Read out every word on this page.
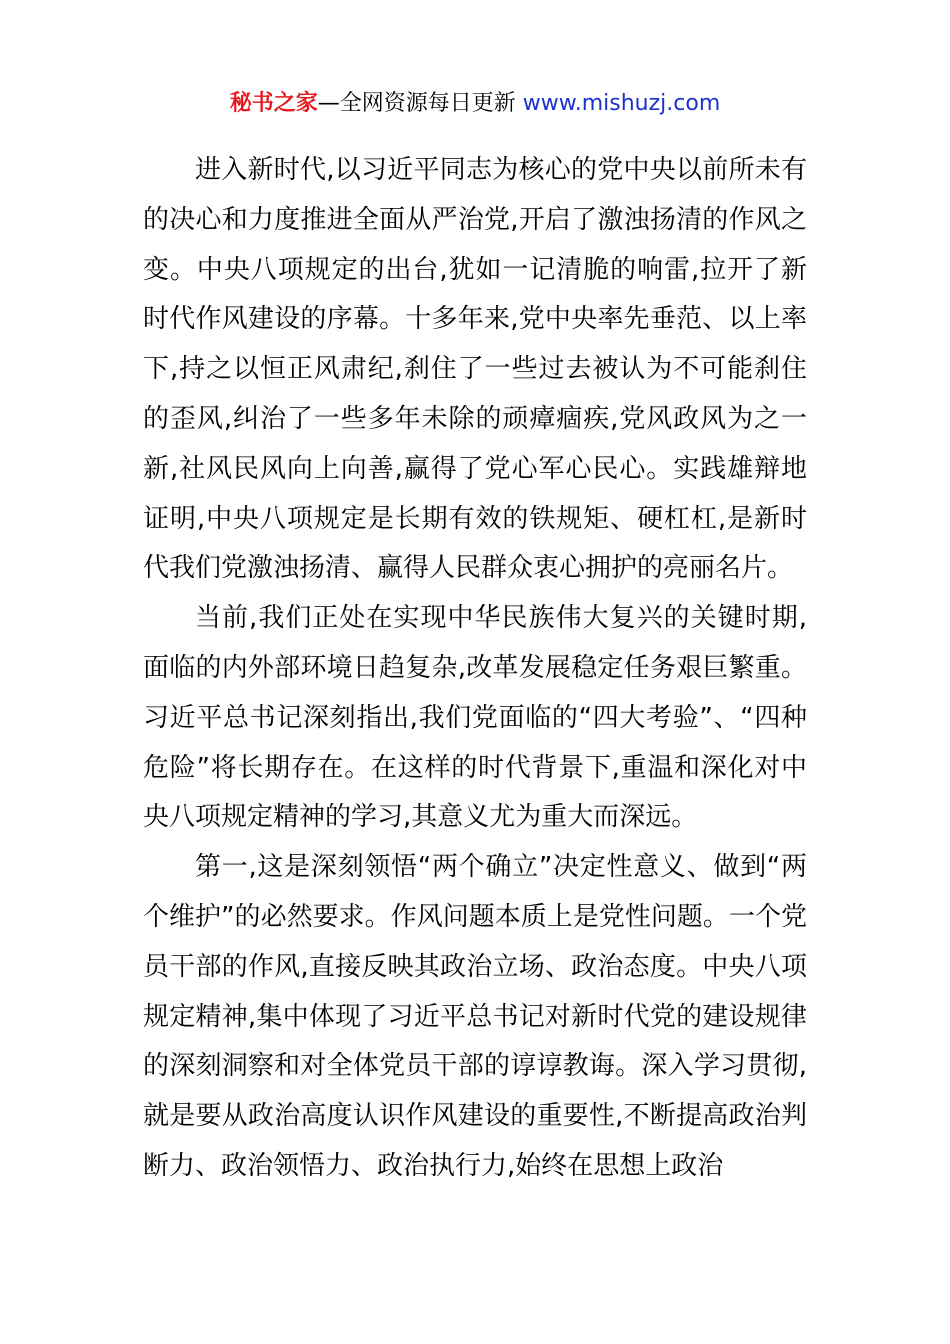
秘书之家—全网资源每日更新 www.mishuzj.com

进入新时代,以习近平同志为核心的党中央以前所未有的决心和力度推进全面从严治党,开启了激浊扬清的作风之变。中央八项规定的出台,犹如一记清脆的响雷,拉开了新时代作风建设的序幕。十多年来,党中央率先垂范、以上率下,持之以恒正风肃纪,刹住了一些过去被认为不可能刹住的歪风,纠治了一些多年未除的顽瘴痼疾,党风政风为之一新,社风民风向上向善,赢得了党心军心民心。实践雄辩地证明,中央八项规定是长期有效的铁规矩、硬杠杠,是新时代我们党激浊扬清、赢得人民群众衷心拥护的亮丽名片。

当前,我们正处在实现中华民族伟大复兴的关键时期,面临的内外部环境日趋复杂,改革发展稳定任务艰巨繁重。习近平总书记深刻指出,我们党面临的“四大考验”、“四种危险”将长期存在。在这样的时代背景下,重温和深化对中央八项规定精神的学习,其意义尤为重大而深远。

第一,这是深刻领悟“两个确立”决定性意义、做到“两个维护”的必然要求。作风问题本质上是党性问题。一个党员干部的作风,直接反映其政治立场、政治态度。中央八项规定精神,集中体现了习近平总书记对新时代党的建设规律的深刻洞察和对全体党员干部的谆谆教诲。深入学习贯彻,就是要从政治高度认识作风建设的重要性,不断提高政治判断力、政治领悟力、政治执行力,始终在思想上政治
